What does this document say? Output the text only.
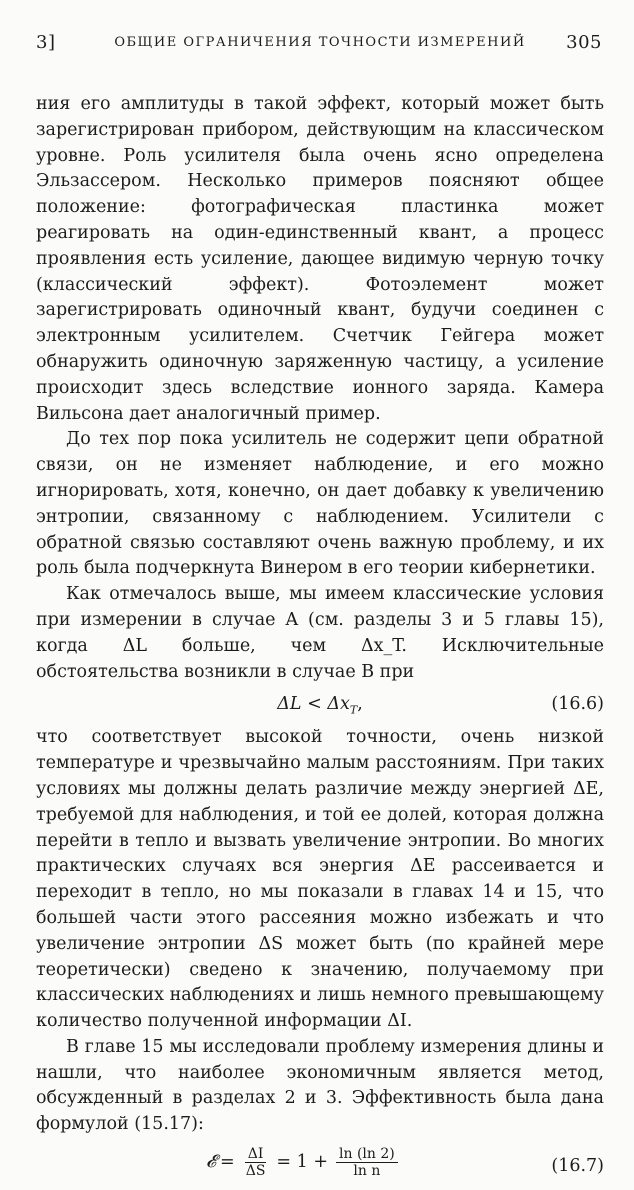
3]	ОБЩИЕ ОГРАНИЧЕНИЯ ТОЧНОСТИ ИЗМЕРЕНИЙ	305

ния его амплитуды в такой эффект, который может быть зарегистрирован прибором, действующим на классическом уровне. Роль усилителя была очень ясно определена Эльзассером. Несколько примеров поясняют общее положение: фотографическая пластинка может реагировать на один-единственный квант, а процесс проявления есть усиление, дающее видимую черную точку (классический эффект). Фотоэлемент может зарегистрировать одиночный квант, будучи соединен с электронным усилителем. Счетчик Гейгера может обнаружить одиночную заряженную частицу, а усиление происходит здесь вследствие ионного заряда. Камера Вильсона дает аналогичный пример.

До тех пор пока усилитель не содержит цепи обратной связи, он не изменяет наблюдение, и его можно игнорировать, хотя, конечно, он дает добавку к увеличению энтропии, связанному с наблюдением. Усилители с обратной связью составляют очень важную проблему, и их роль была подчеркнута Винером в его теории кибернетики.

Как отмечалось выше, мы имеем классические условия при измерении в случае A (см. разделы 3 и 5 главы 15), когда ΔL больше, чем Δx_T. Исключительные обстоятельства возникли в случае B при

$\Delta L < \Delta x_T$,	(16.6)

что соответствует высокой точности, очень низкой температуре и чрезвычайно малым расстояниям. При таких условиях мы должны делать различие между энергией ΔE, требуемой для наблюдения, и той ее долей, которая должна перейти в тепло и вызвать увеличение энтропии. Во многих практических случаях вся энергия ΔE рассеивается и переходит в тепло, но мы показали в главах 14 и 15, что большей части этого рассеяния можно избежать и что увеличение энтропии ΔS может быть (по крайней мере теоретически) сведено к значению, получаемому при классических наблюдениях и лишь немного превышающему количество полученной информации ΔI.

В главе 15 мы исследовали проблему измерения длины и нашли, что наиболее экономичным является метод, обсужденный в разделах 2 и 3. Эффективность была дана формулой (15.17):

𝓔 = $\frac{\Delta I}{\Delta S} = 1 + \frac{\ln (\ln 2)}{\text{ln n}}$	(16.7)
